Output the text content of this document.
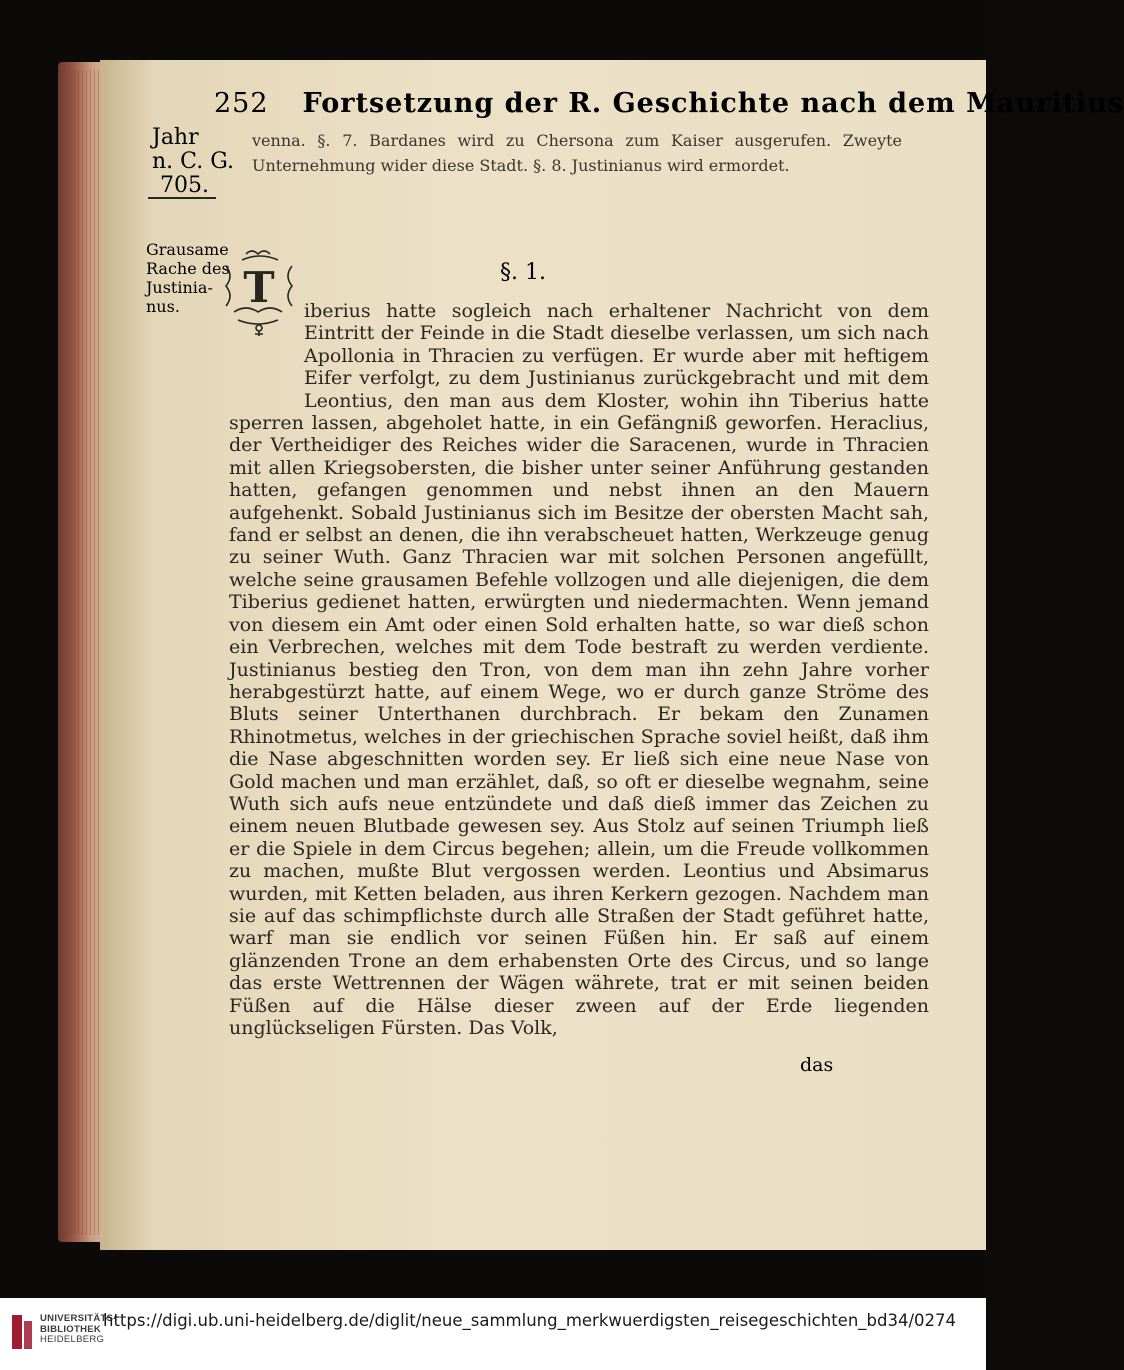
252 Fortsetzung der R. Geschichte nach dem Mauritius
Jahr
n. C. G.
705.
Grausame
Rache des
Justinia-
nus.
venna. §. 7. Bardanes wird zu Chersona zum Kaiser ausgerufen. Zweyte Unternehmung wider diese Stadt. §. 8. Justinianus wird ermordet.
§. 1.
T	iberius hatte sogleich nach erhaltener Nachricht von dem Eintritt der Feinde in die Stadt dieselbe verlassen, um sich nach Apollonia in Thracien zu verfügen. Er wurde aber mit heftigem Eifer verfolgt, zu dem Justinianus zurückgebracht und mit dem Leontius, den man aus dem Kloster, wohin ihn Tiberius hatte sperren lassen, abgeholet hatte, in ein Gefängniß geworfen. Heraclius, der Vertheidiger des Reiches wider die Saracenen, wurde in Thracien mit allen Kriegsobersten, die bisher unter seiner Anführung gestanden hatten, gefangen genommen und nebst ihnen an den Mauern aufgehenkt. Sobald Justinianus sich im Besitze der obersten Macht sah, fand er selbst an denen, die ihn verabscheuet hatten, Werkzeuge genug zu seiner Wuth. Ganz Thracien war mit solchen Personen angefüllt, welche seine grausamen Befehle vollzogen und alle diejenigen, die dem Tiberius gedienet hatten, erwürgten und niedermachten. Wenn jemand von diesem ein Amt oder einen Sold erhalten hatte, so war dieß schon ein Verbrechen, welches mit dem Tode bestraft zu werden verdiente. Justinianus bestieg den Tron, von dem man ihn zehn Jahre vorher herabgestürzt hatte, auf einem Wege, wo er durch ganze Ströme des Bluts seiner Unterthanen durchbrach. Er bekam den Zunamen Rhinotmetus, welches in der griechischen Sprache soviel heißt, daß ihm die Nase abgeschnitten worden sey. Er ließ sich eine neue Nase von Gold machen und man erzählet, daß, so oft er dieselbe wegnahm, seine Wuth sich aufs neue entzündete und daß dieß immer das Zeichen zu einem neuen Blutbade gewesen sey. Aus Stolz auf seinen Triumph ließ er die Spiele in dem Circus begehen; allein, um die Freude vollkommen zu machen, mußte Blut vergossen werden. Leontius und Absimarus wurden, mit Ketten beladen, aus ihren Kerkern gezogen. Nachdem man sie auf das schimpflichste durch alle Straßen der Stadt geführet hatte, warf man sie endlich vor seinen Füßen hin. Er saß auf einem glänzenden Trone an dem erhabensten Orte des Circus, und so lange das erste Wettrennen der Wägen währete, trat er mit seinen beiden Füßen auf die Hälse dieser zween auf der Erde liegenden unglückseligen Fürsten. Das Volk,
das
UNIVERSITÄTS-
BIBLIOTHEK
HEIDELBERG
https://digi.ub.uni-heidelberg.de/diglit/neue_sammlung_merkwuerdigsten_reisegeschichten_bd34/0274
